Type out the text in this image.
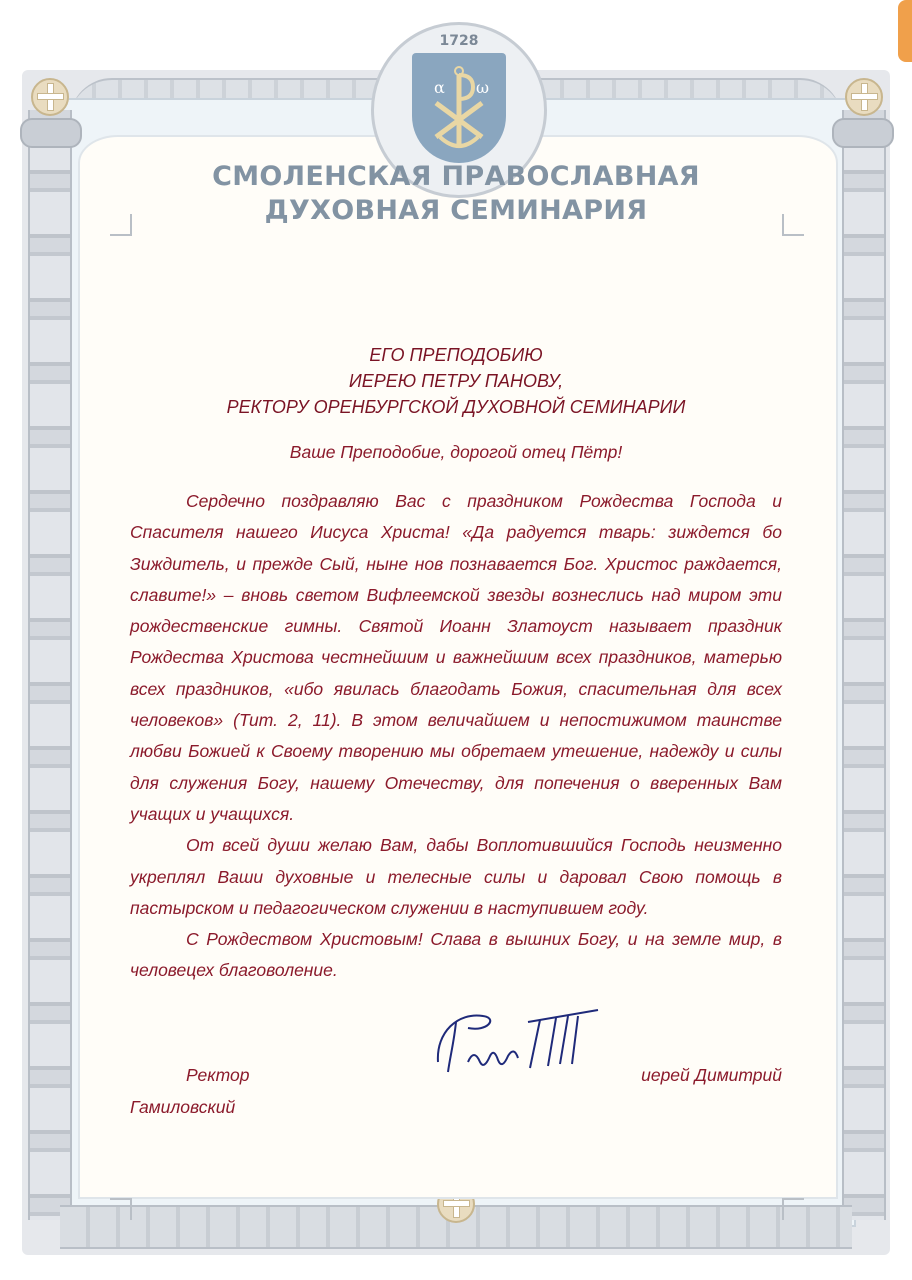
1728
α ω
СМОЛЕНСКАЯ ПРАВОСЛАВНАЯ
ДУХОВНАЯ СЕМИНАРИЯ
ЕГО ПРЕПОДОБИЮ
ИЕРЕЮ ПЕТРУ ПАНОВУ,
РЕКТОРУ ОРЕНБУРГСКОЙ ДУХОВНОЙ СЕМИНАРИИ
Ваше Преподобие, дорогой отец Пётр!

Сердечно поздравляю Вас с праздником Рождества Господа и Спасителя нашего Иисуса Христа! «Да радуется тварь: зиждется бо Зиждитель, и прежде Сый, ныне нов познавается Бог. Христос раждается, славите!» – вновь светом Вифлеемской звезды вознеслись над миром эти рождественские гимны. Святой Иоанн Златоуст называет праздник Рождества Христова честнейшим и важнейшим всех праздников, матерью всех праздников, «ибо явилась благодать Божия, спасительная для всех человеков» (Тит. 2, 11). В этом величайшем и непостижимом таинстве любви Божией к Своему творению мы обретаем утешение, надежду и силы для служения Богу, нашему Отечеству, для попечения о вверенных Вам учащих и учащихся.

От всей души желаю Вам, дабы Воплотившийся Господь неизменно укреплял Ваши духовные и телесные силы и даровал Свою помощь в пастырском и педагогическом служении в наступившем году.

С Рождеством Христовым! Слава в вышних Богу, и на земле мир, в человецех благоволение.

Ректор	иерей Димитрий
Гамиловский
